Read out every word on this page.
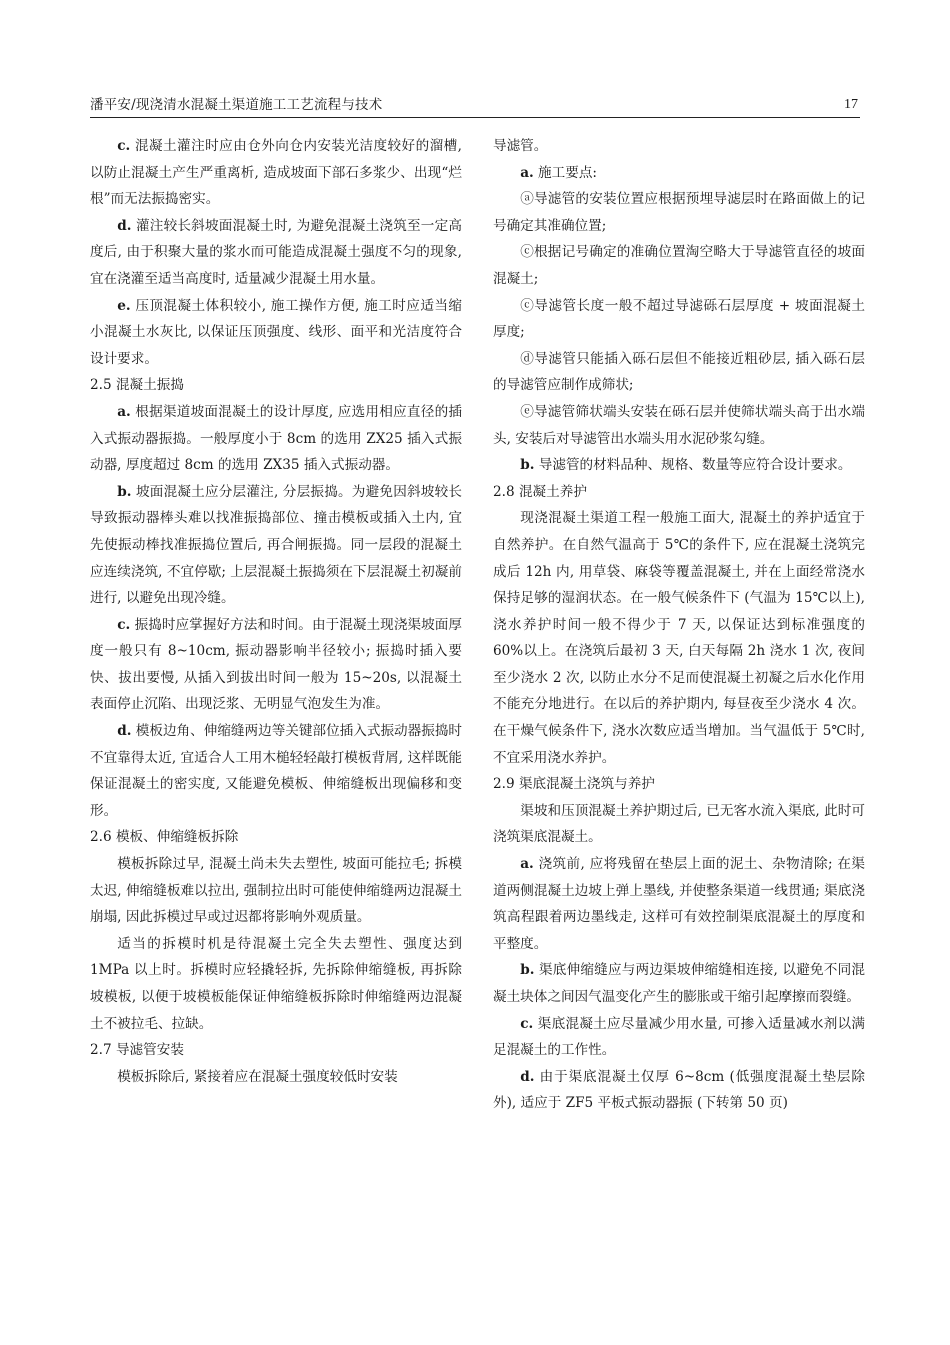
潘平安/现浇清水混凝土渠道施工工艺流程与技术	17

c. 混凝土灌注时应由仓外向仓内安装光洁度较好的溜槽, 以防止混凝土产生严重离析, 造成坡面下部石多浆少、出现“烂根”而无法振捣密实。

d. 灌注较长斜坡面混凝土时, 为避免混凝土浇筑至一定高度后, 由于积聚大量的浆水而可能造成混凝土强度不匀的现象, 宜在浇灌至适当高度时, 适量减少混凝土用水量。

e. 压顶混凝土体积较小, 施工操作方便, 施工时应适当缩小混凝土水灰比, 以保证压顶强度、线形、面平和光洁度符合设计要求。

2.5 混凝土振捣

a. 根据渠道坡面混凝土的设计厚度, 应选用相应直径的插入式振动器振捣。一般厚度小于 8cm 的选用 ZX25 插入式振动器, 厚度超过 8cm 的选用 ZX35 插入式振动器。

b. 坡面混凝土应分层灌注, 分层振捣。为避免因斜坡较长导致振动器棒头难以找准振捣部位、撞击模板或插入土内, 宜先使振动棒找准振捣位置后, 再合闸振捣。同一层段的混凝土应连续浇筑, 不宜停歇; 上层混凝土振捣须在下层混凝土初凝前进行, 以避免出现冷缝。

c. 振捣时应掌握好方法和时间。由于混凝土现浇渠坡面厚度一般只有 8~10cm, 振动器影响半径较小; 振捣时插入要快、拔出要慢, 从插入到拔出时间一般为 15~20s, 以混凝土表面停止沉陷、出现泛浆、无明显气泡发生为准。

d. 模板边角、伸缩缝两边等关键部位插入式振动器振捣时不宜靠得太近, 宜适合人工用木槌轻轻敲打模板背屑, 这样既能保证混凝土的密实度, 又能避免模板、伸缩缝板出现偏移和变形。

2.6 模板、伸缩缝板拆除

模板拆除过早, 混凝土尚未失去塑性, 坡面可能拉毛; 拆模太迟, 伸缩缝板难以拉出, 强制拉出时可能使伸缩缝两边混凝土崩塌, 因此拆模过早或过迟都将影响外观质量。

适当的拆模时机是待混凝土完全失去塑性、强度达到 1MPa 以上时。拆模时应轻撬轻拆, 先拆除伸缩缝板, 再拆除坡模板, 以便于坡模板能保证伸缩缝板拆除时伸缩缝两边混凝土不被拉毛、拉缺。

2.7 导滤管安装

模板拆除后, 紧接着应在混凝土强度较低时安装

导滤管。

a. 施工要点:

ⓐ导滤管的安装位置应根据预埋导滤层时在路面做上的记号确定其准确位置;

ⓒ根据记号确定的准确位置淘空略大于导滤管直径的坡面混凝土;

ⓒ导滤管长度一般不超过导滤砾石层厚度 + 坡面混凝土厚度;

ⓓ导滤管只能插入砾石层但不能接近粗砂层, 插入砾石层的导滤管应制作成筛状;

ⓔ导滤管筛状端头安装在砾石层并使筛状端头高于出水端头, 安装后对导滤管出水端头用水泥砂浆勾缝。

b. 导滤管的材料品种、规格、数量等应符合设计要求。

2.8 混凝土养护

现浇混凝土渠道工程一般施工面大, 混凝土的养护适宜于自然养护。在自然气温高于 5℃的条件下, 应在混凝土浇筑完成后 12h 内, 用草袋、麻袋等覆盖混凝土, 并在上面经常浇水保持足够的湿润状态。在一般气候条件下 (气温为 15℃以上), 浇水养护时间一般不得少于 7 天, 以保证达到标准强度的 60%以上。在浇筑后最初 3 天, 白天每隔 2h 浇水 1 次, 夜间至少浇水 2 次, 以防止水分不足而使混凝土初凝之后水化作用不能充分地进行。在以后的养护期内, 每昼夜至少浇水 4 次。在干燥气候条件下, 浇水次数应适当增加。当气温低于 5℃时, 不宜采用浇水养护。

2.9 渠底混凝土浇筑与养护

渠坡和压顶混凝土养护期过后, 已无客水流入渠底, 此时可浇筑渠底混凝土。

a. 浇筑前, 应将残留在垫层上面的泥土、杂物清除; 在渠道两侧混凝土边坡上弹上墨线, 并使整条渠道一线贯通; 渠底浇筑高程跟着两边墨线走, 这样可有效控制渠底混凝土的厚度和平整度。

b. 渠底伸缩缝应与两边渠坡伸缩缝相连接, 以避免不同混凝土块体之间因气温变化产生的膨胀或干缩引起摩擦而裂缝。

c. 渠底混凝土应尽量减少用水量, 可掺入适量减水剂以满足混凝土的工作性。

d. 由于渠底混凝土仅厚 6~8cm (低强度混凝土垫层除外), 适应于 ZF5 平板式振动器振 (下转第 50 页)
